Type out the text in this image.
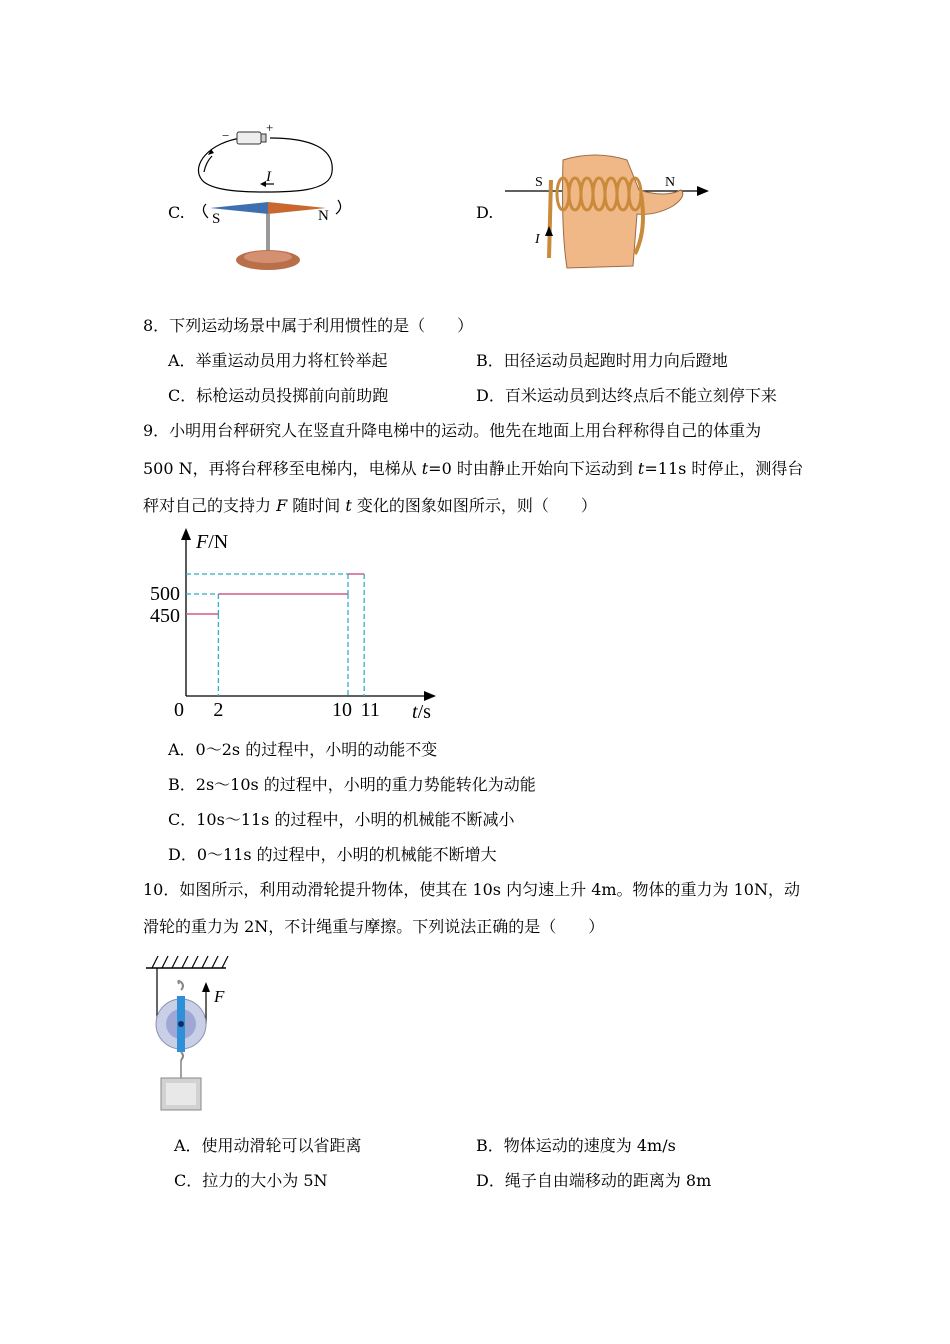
C.
−
+
I
S	N	D.
S	N
I
8．下列运动场景中属于利用惯性的是（　　）
A．举重运动员用力将杠铃举起	B．田径运动员起跑时用力向后蹬地
C．标枪运动员投掷前向前助跑	D．百米运动员到达终点后不能立刻停下来
9．小明用台秤研究人在竖直升降电梯中的运动。他先在地面上用台秤称得自己的体重为
500 N，再将台秤移至电梯内，电梯从 t=0 时由静止开始向下运动到 t=11s 时停止，测得台
秤对自己的支持力 F 随时间 t 变化的图象如图所示，则（　　）
F/N
t/s
0 2	10 11
500
450
A．0～2s 的过程中，小明的动能不变
B．2s～10s 的过程中，小明的重力势能转化为动能
C．10s～11s 的过程中，小明的机械能不断减小
D．0～11s 的过程中，小明的机械能不断增大
10．如图所示，利用动滑轮提升物体，使其在 10s 内匀速上升 4m。物体的重力为 10N，动
滑轮的重力为 2N，不计绳重与摩擦。下列说法正确的是（　　）
F
A．使用动滑轮可以省距离	B．物体运动的速度为 4m/s
C．拉力的大小为 5N	D．绳子自由端移动的距离为 8m
